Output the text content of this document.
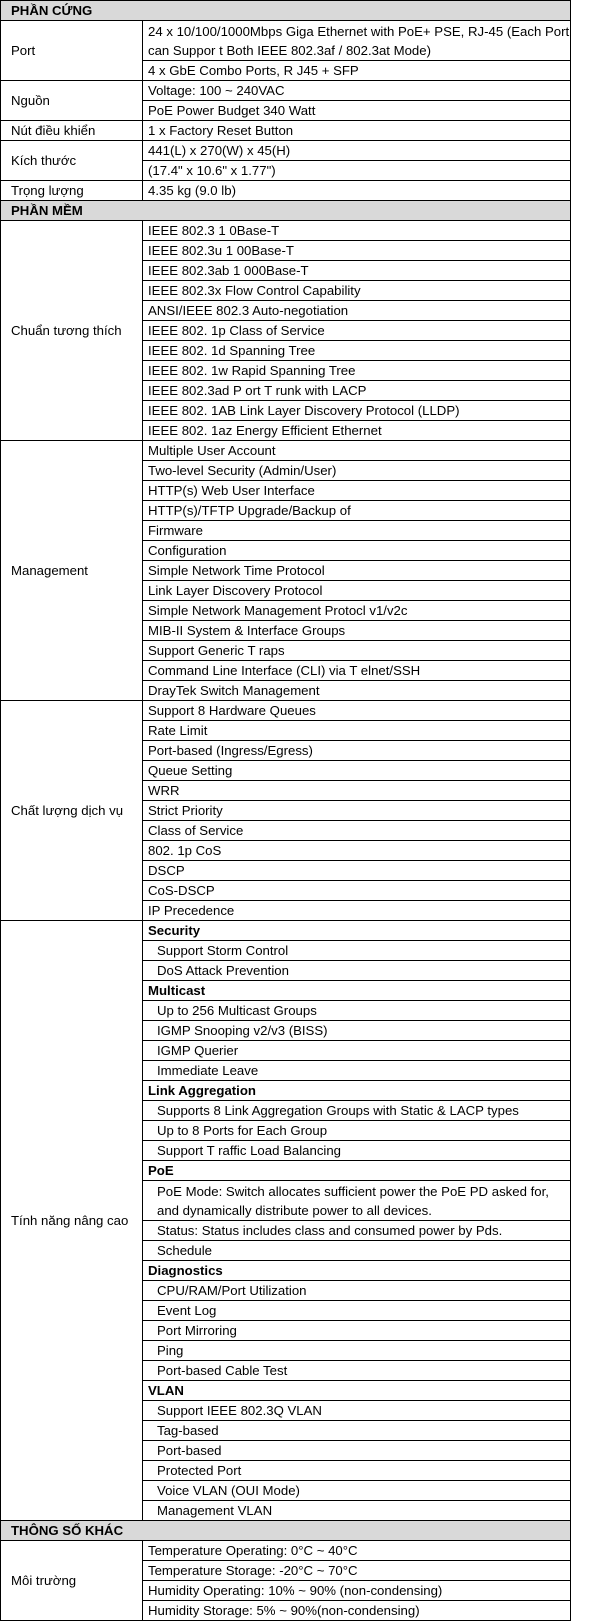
PHẦN CỨNG	
Port	24 x 10/100/1000Mbps Giga Ethernet with PoE+ PSE, RJ-45 (Each Port can Suppor t Both IEEE 802.3af / 802.3at Mode)
	4 x GbE Combo Ports, R J45 + SFP
Nguồn	Voltage: 100 ~ 240VAC
	PoE Power Budget 340 Watt
Nút điều khiển	1 x Factory Reset Button
Kích thước	441(L) x 270(W) x 45(H)
	(17.4" x 10.6" x 1.77")
Trọng lượng	4.35 kg (9.0 lb)
PHẦN MỀM	
Chuẩn tương thích	IEEE 802.3 1 0Base-T
	IEEE 802.3u 1 00Base-T
	IEEE 802.3ab 1 000Base-T
	IEEE 802.3x Flow Control Capability
	ANSI/IEEE 802.3 Auto-negotiation
	IEEE 802. 1p Class of Service
	IEEE 802. 1d Spanning Tree
	IEEE 802. 1w Rapid Spanning Tree
	IEEE 802.3ad P ort T runk with LACP
	IEEE 802. 1AB Link Layer Discovery Protocol (LLDP)
	IEEE 802. 1az Energy Efficient Ethernet
Management	Multiple User Account
	Two-level Security (Admin/User)
	HTTP(s) Web User Interface
	HTTP(s)/TFTP Upgrade/Backup of
	Firmware
	Configuration
	Simple Network Time Protocol
	Link Layer Discovery Protocol
	Simple Network Management Protocl v1/v2c
	MIB-II System & Interface Groups
	Support Generic T raps
	Command Line Interface (CLI) via T elnet/SSH
	DrayTek Switch Management
Chất lượng dịch vụ	Support 8 Hardware Queues
	Rate Limit
	Port-based (Ingress/Egress)
	Queue Setting
	WRR
	Strict Priority
	Class of Service
	802. 1p CoS
	DSCP
	CoS-DSCP
	IP Precedence
Tính năng nâng cao	Security
	Support Storm Control
	DoS Attack Prevention
	Multicast
	Up to 256 Multicast Groups
	IGMP Snooping v2/v3 (BISS)
	IGMP Querier
	Immediate Leave
	Link Aggregation
	Supports 8 Link Aggregation Groups with Static & LACP types
	Up to 8 Ports for Each Group
	Support T raffic Load Balancing
	PoE
	PoE Mode: Switch allocates sufficient power the PoE PD asked for, and dynamically distribute power to all devices.
	Status: Status includes class and consumed power by Pds.
	Schedule
	Diagnostics
	CPU/RAM/Port Utilization
	Event Log
	Port Mirroring
	Ping
	Port-based Cable Test
	VLAN
	Support IEEE 802.3Q VLAN
	Tag-based
	Port-based
	Protected Port
	Voice VLAN (OUI Mode)
	Management VLAN
THÔNG SỐ KHÁC	
Môi trường	Temperature Operating: 0°C ~ 40°C
	Temperature Storage: -20°C ~ 70°C
	Humidity Operating: 10% ~ 90% (non-condensing)
	Humidity Storage: 5% ~ 90%(non-condensing)
